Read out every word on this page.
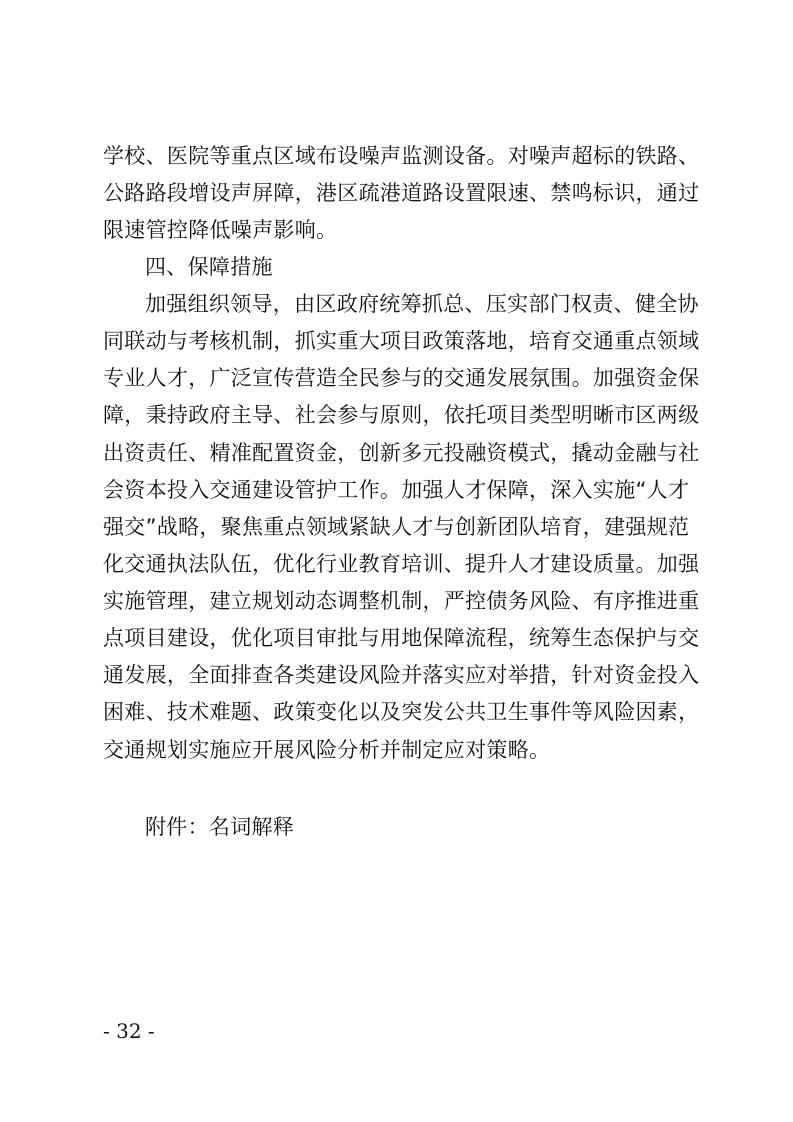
学校、医院等重点区域布设噪声监测设备。对噪声超标的铁路、
公路路段增设声屏障，港区疏港道路设置限速、禁鸣标识，通过
限速管控降低噪声影响。
四、保障措施
加强组织领导，由区政府统筹抓总、压实部门权责、健全协
同联动与考核机制，抓实重大项目政策落地，培育交通重点领域
专业人才，广泛宣传营造全民参与的交通发展氛围。加强资金保
障，秉持政府主导、社会参与原则，依托项目类型明晰市区两级
出资责任、精准配置资金，创新多元投融资模式，撬动金融与社
会资本投入交通建设管护工作。加强人才保障，深入实施“人才
强交”战略，聚焦重点领域紧缺人才与创新团队培育，建强规范
化交通执法队伍，优化行业教育培训、提升人才建设质量。加强
实施管理，建立规划动态调整机制，严控债务风险、有序推进重
点项目建设，优化项目审批与用地保障流程，统筹生态保护与交
通发展，全面排查各类建设风险并落实应对举措，针对资金投入
困难、技术难题、政策变化以及突发公共卫生事件等风险因素，
交通规划实施应开展风险分析并制定应对策略。
附件：名词解释
- 32 -
